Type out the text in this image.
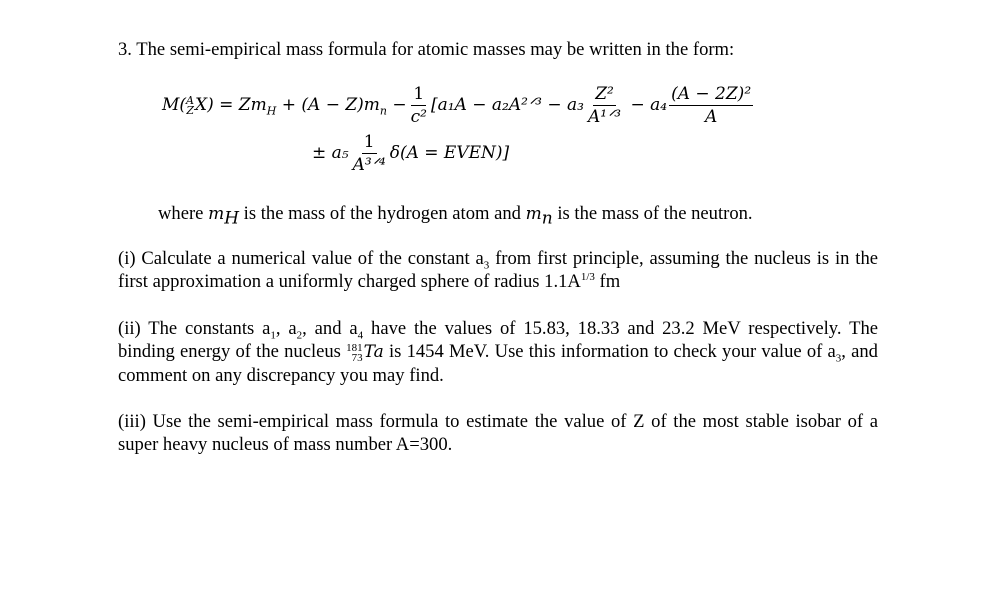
3. The semi-empirical mass formula for atomic masses may be written in the form:
M( A
Z $X) = Zm_H + (A - Z)m_n - \frac{1}{\text{c²}} [a_1A$ − a₂A²ᐟ³ − $a_3 \frac{\text{Z²}}{\text{A¹ᐟ³}} - a_4 \frac{\text{(A − 2Z)²}}{A}$
± $a_5 \frac{1}{\text{A³ᐟ⁴}} \delta(A$ = EVEN)]
where $m_H$ is the mass of the hydrogen atom and $m_n$ is the mass of the neutron.
(i) Calculate a numerical value of the constant $a_3$ from first principle, assuming the nucleus is in the first approximation a uniformly charged sphere of radius $1.1A^{1/3}$ fm
(ii) The constants $a_1$, $a_2$, and $a_4$ have the values of 15.83, 18.33 and 23.2 MeV respectively. The binding energy of the nucleus 181
73 Ta is 1454 MeV. Use this information to check your value of $a_3$, and comment on any discrepancy you may find.
(iii) Use the semi-empirical mass formula to estimate the value of Z of the most stable isobar of a super heavy nucleus of mass number A=300.
